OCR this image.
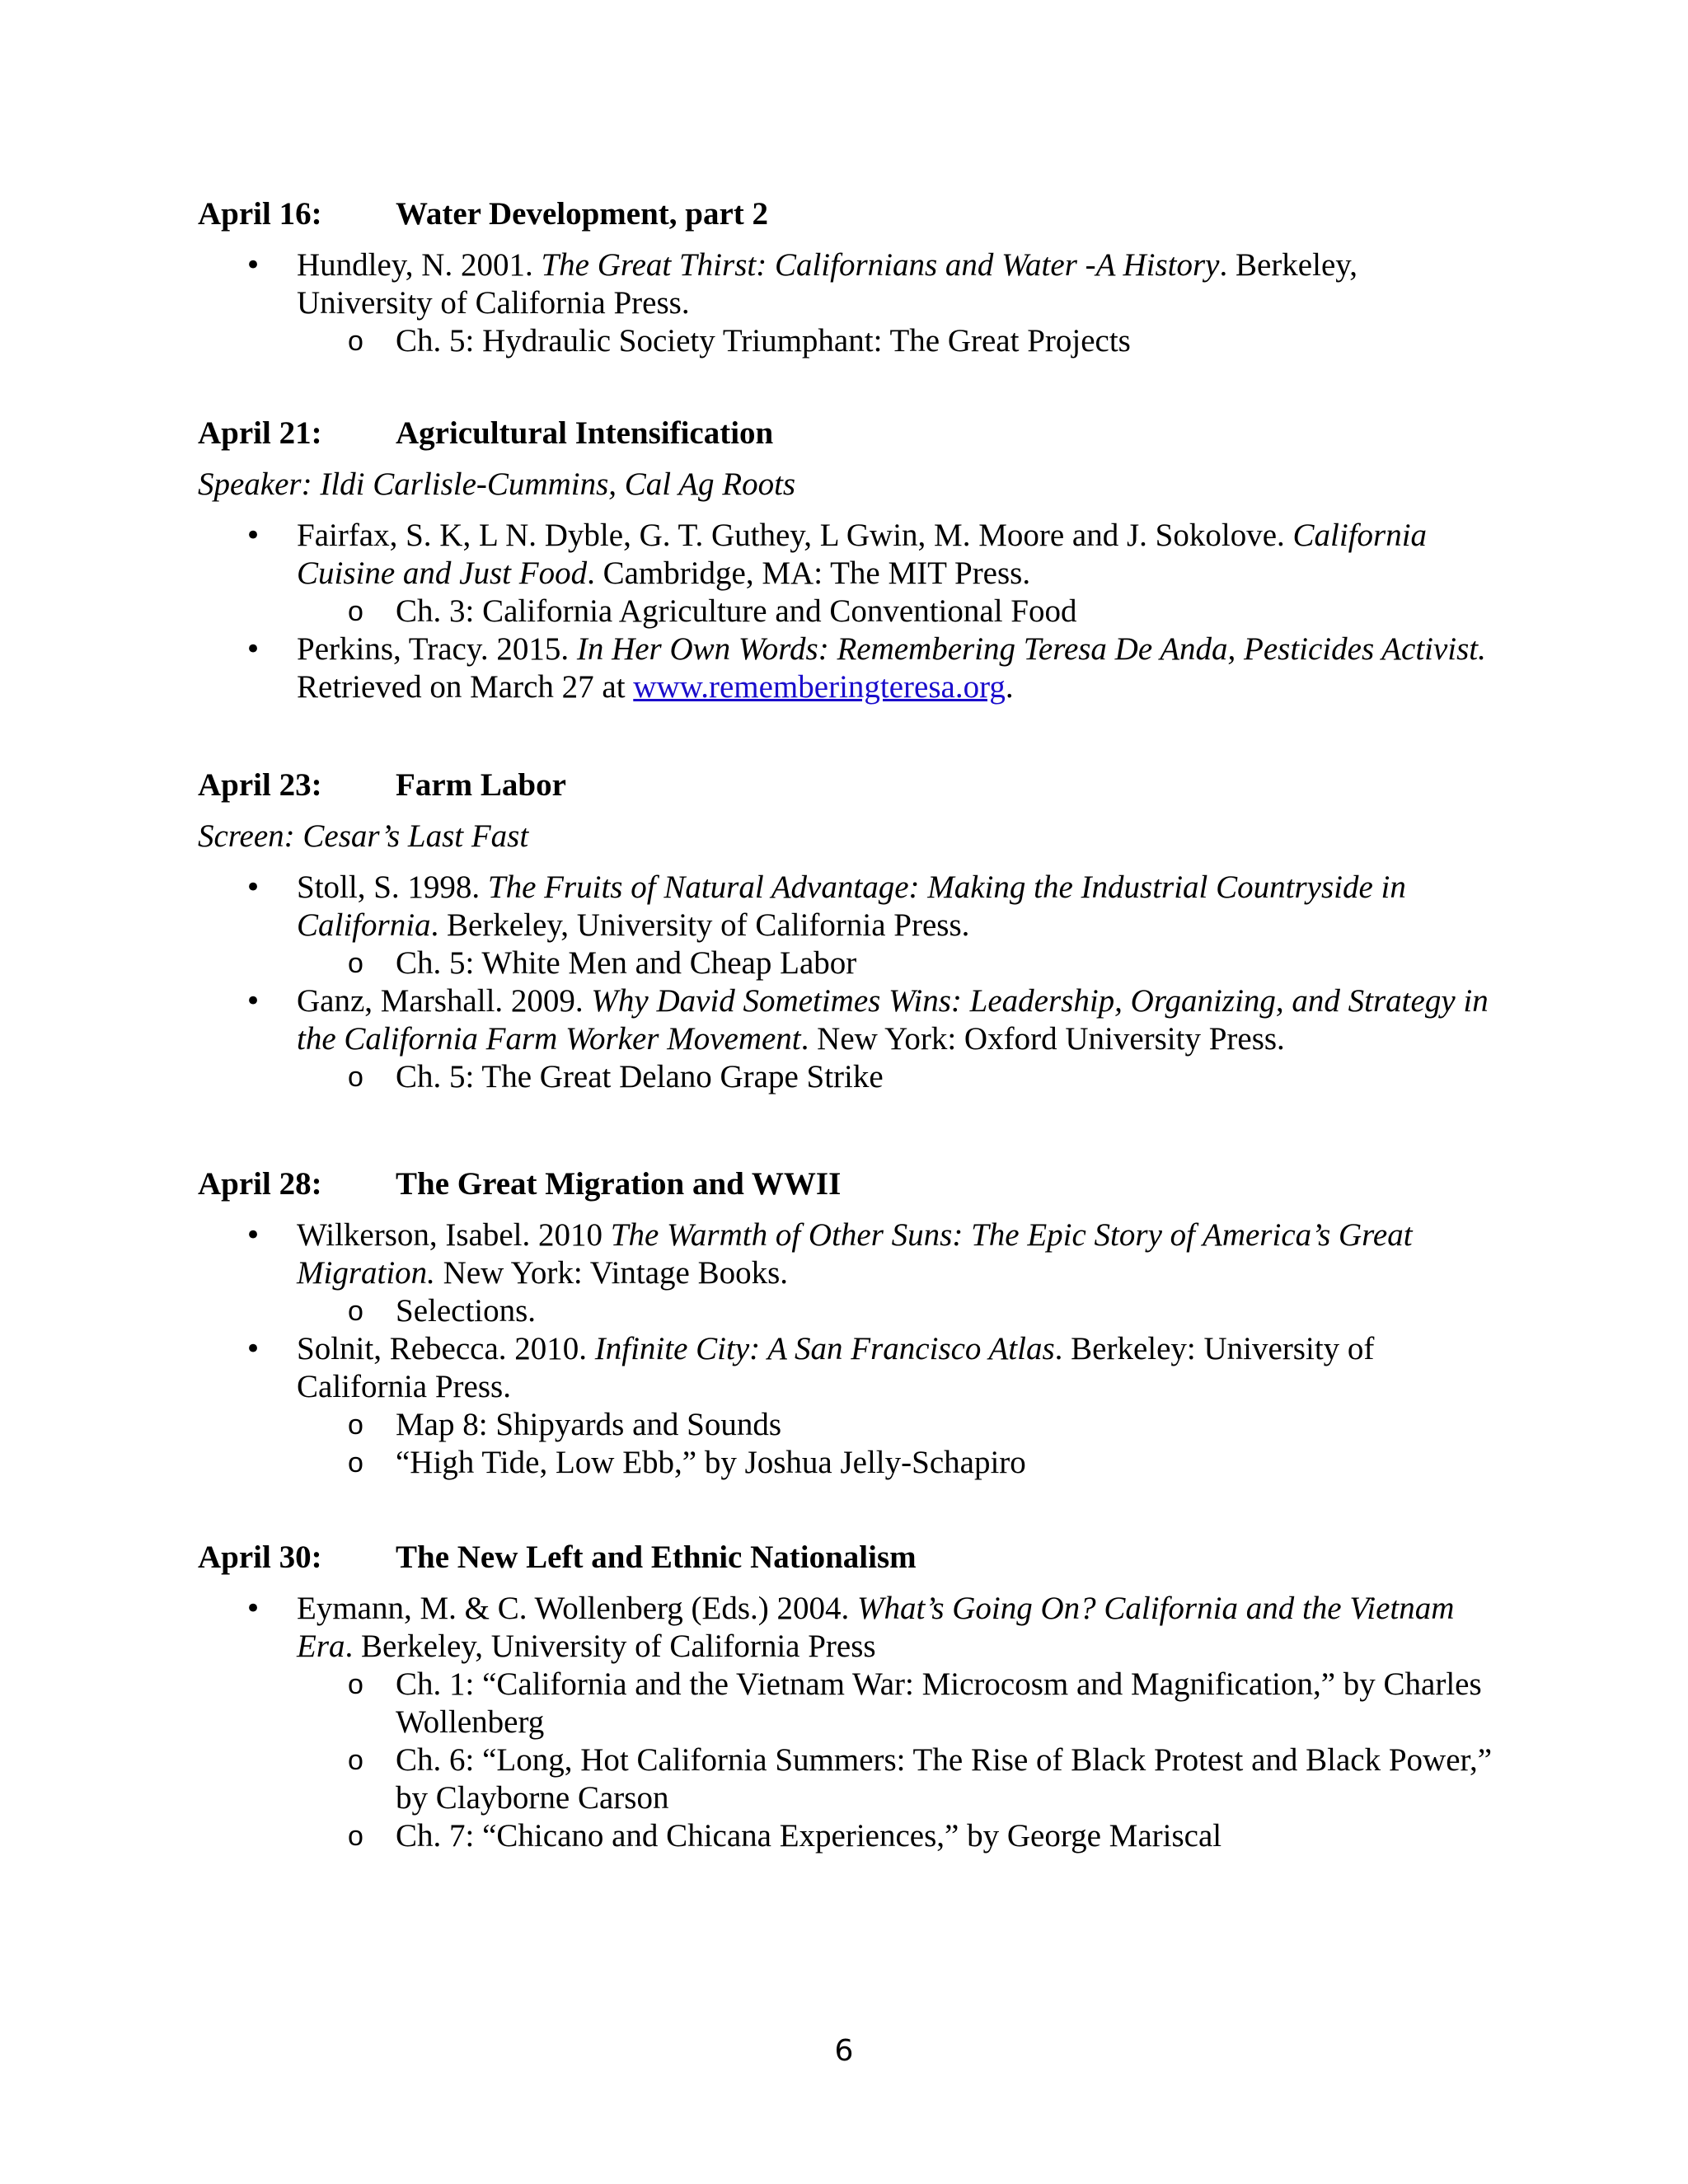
April 16:	Water Development, part 2
• Hundley, N. 2001. The Great Thirst: Californians and Water -A History. Berkeley, University of California Press.
o Ch. 5: Hydraulic Society Triumphant: The Great Projects
April 21:	Agricultural Intensification
Speaker: Ildi Carlisle-Cummins, Cal Ag Roots
• Fairfax, S. K, L N. Dyble, G. T. Guthey, L Gwin, M. Moore and J. Sokolove. California Cuisine and Just Food. Cambridge, MA: The MIT Press.
o Ch. 3: California Agriculture and Conventional Food
• Perkins, Tracy. 2015. In Her Own Words: Remembering Teresa De Anda, Pesticides Activist. Retrieved on March 27 at www.rememberingteresa.org.
April 23:	Farm Labor
Screen: Cesar’s Last Fast
• Stoll, S. 1998. The Fruits of Natural Advantage: Making the Industrial Countryside in California. Berkeley, University of California Press.
o Ch. 5: White Men and Cheap Labor
• Ganz, Marshall. 2009. Why David Sometimes Wins: Leadership, Organizing, and Strategy in the California Farm Worker Movement. New York: Oxford University Press.
o Ch. 5: The Great Delano Grape Strike
April 28:	The Great Migration and WWII
• Wilkerson, Isabel. 2010 The Warmth of Other Suns: The Epic Story of America’s Great Migration. New York: Vintage Books.
o Selections.
• Solnit, Rebecca. 2010. Infinite City: A San Francisco Atlas. Berkeley: University of California Press.
o Map 8: Shipyards and Sounds
o “High Tide, Low Ebb,” by Joshua Jelly-Schapiro
April 30:	The New Left and Ethnic Nationalism
• Eymann, M. & C. Wollenberg (Eds.) 2004. What’s Going On? California and the Vietnam Era. Berkeley, University of California Press
o Ch. 1: “California and the Vietnam War: Microcosm and Magnification,” by Charles Wollenberg
o Ch. 6: “Long, Hot California Summers: The Rise of Black Protest and Black Power,” by Clayborne Carson
o Ch. 7: “Chicano and Chicana Experiences,” by George Mariscal
6
